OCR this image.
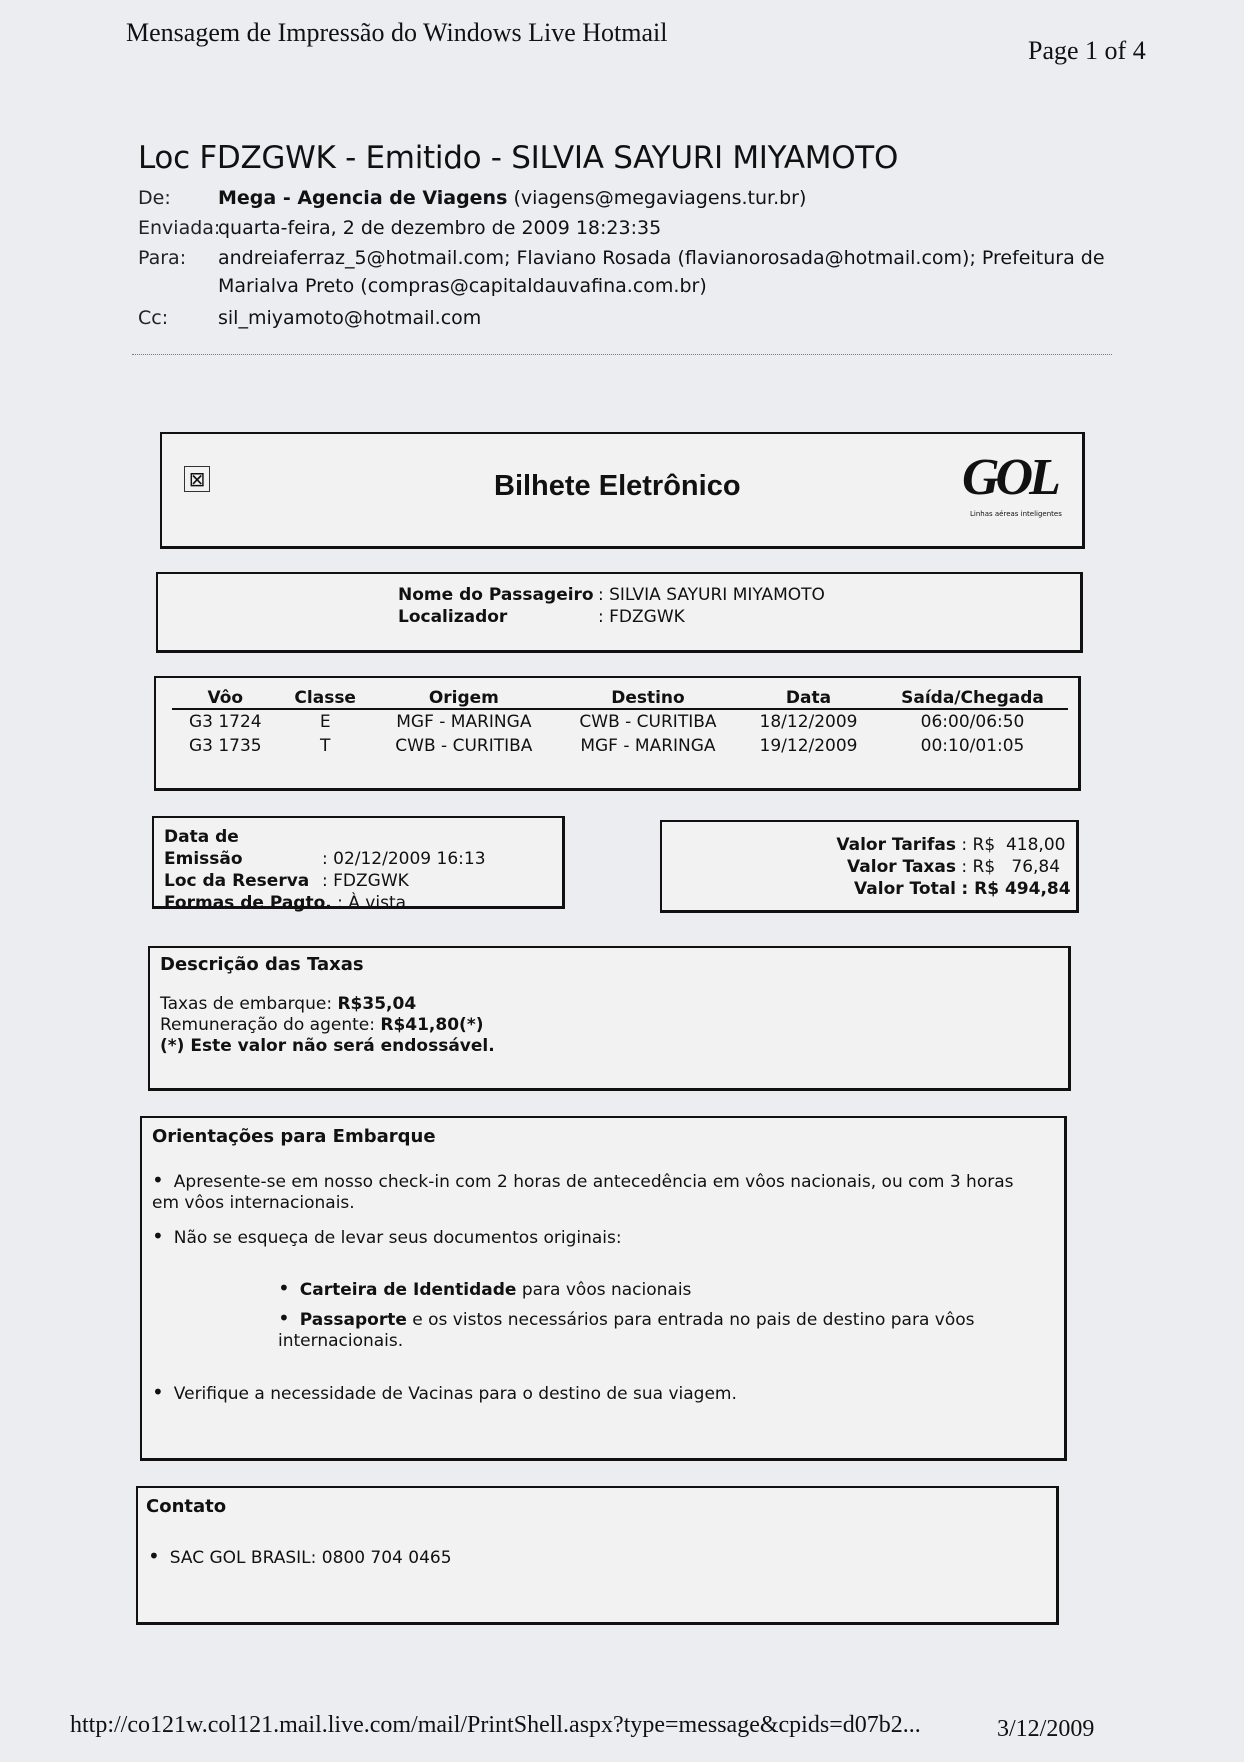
Mensagem de Impressão do Windows Live Hotmail
Page 1 of 4
Loc FDZGWK - Emitido - SILVIA SAYURI MIYAMOTO
De: Mega - Agencia de Viagens (viagens@megaviagens.tur.br)
Enviada:
quarta-feira, 2 de dezembro de 2009 18:23:35
Para: andreiaferraz_5@hotmail.com; Flaviano Rosada (flavianorosada@hotmail.com); Prefeitura de
Marialva Preto (compras@capitaldauvafina.com.br)
Cc:	sil_miyamoto@hotmail.com
⊠	Bilhete Eletrônico	GOL
Linhas aéreas inteligentes
Nome do Passageiro : SILVIA SAYURI MIYAMOTO
Localizador	: FDZGWK
Vôo	Classe	Origem	Destino	Data	Saída/Chegada
G3 1724	E	MGF - MARINGA	CWB - CURITIBA	18/12/2009	06:00/06:50
G3 1735	T	CWB - CURITIBA	MGF - MARINGA	19/12/2009	00:10/01:05
Data de Emissão	: 02/12/2009 16:13
Loc da Reserva : FDZGWK
Formas de Pagto. : À vista
Valor Tarifas : R$  418,00
Valor Taxas : R$   76,84
Valor Total : R$ 494,84
Descrição das Taxas
Taxas de embarque: R$35,04
Remuneração do agente: R$41,80(*)
(*) Este valor não será endossável.
Orientações para Embarque
• Apresente-se em nosso check-in com 2 horas de antecedência em vôos nacionais, ou com 3 horas em vôos internacionais.
• Não se esqueça de levar seus documentos originais:
• Carteira de Identidade para vôos nacionais
• Passaporte e os vistos necessários para entrada no pais de destino para vôos internacionais.
• Verifique a necessidade de Vacinas para o destino de sua viagem.
Contato
• SAC GOL BRASIL: 0800 704 0465
http://co121w.col121.mail.live.com/mail/PrintShell.aspx?type=message&cpids=d07b2...	3/12/2009
